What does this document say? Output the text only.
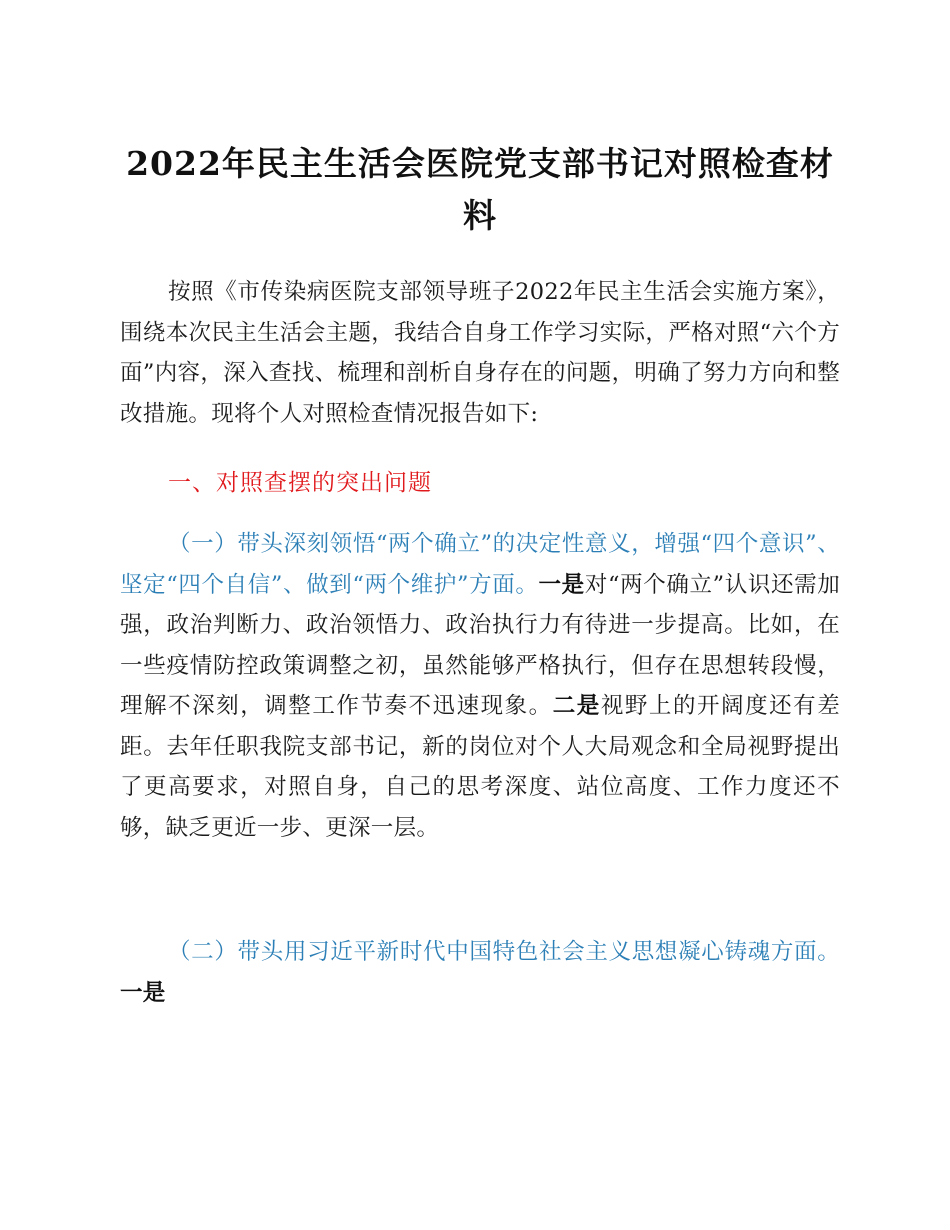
2022年民主生活会医院党支部书记对照检查材料
按照《市传染病医院支部领导班子2022年民主生活会实施方案》，围绕本次民主生活会主题，我结合自身工作学习实际，严格对照“六个方面”内容，深入查找、梳理和剖析自身存在的问题，明确了努力方向和整改措施。现将个人对照检查情况报告如下:
一、对照查摆的突出问题
（一）带头深刻领悟“两个确立”的决定性意义，增强“四个意识”、坚定“四个自信”、做到“两个维护”方面。一是对“两个确立”认识还需加强，政治判断力、政治领悟力、政治执行力有待进一步提高。比如，在一些疫情防控政策调整之初，虽然能够严格执行，但存在思想转段慢，理解不深刻，调整工作节奏不迅速现象。二是视野上的开阔度还有差距。去年任职我院支部书记，新的岗位对个人大局观念和全局视野提出了更高要求，对照自身，自己的思考深度、站位高度、工作力度还不够，缺乏更近一步、更深一层。
（二）带头用习近平新时代中国特色社会主义思想凝心铸魂方面。一是
